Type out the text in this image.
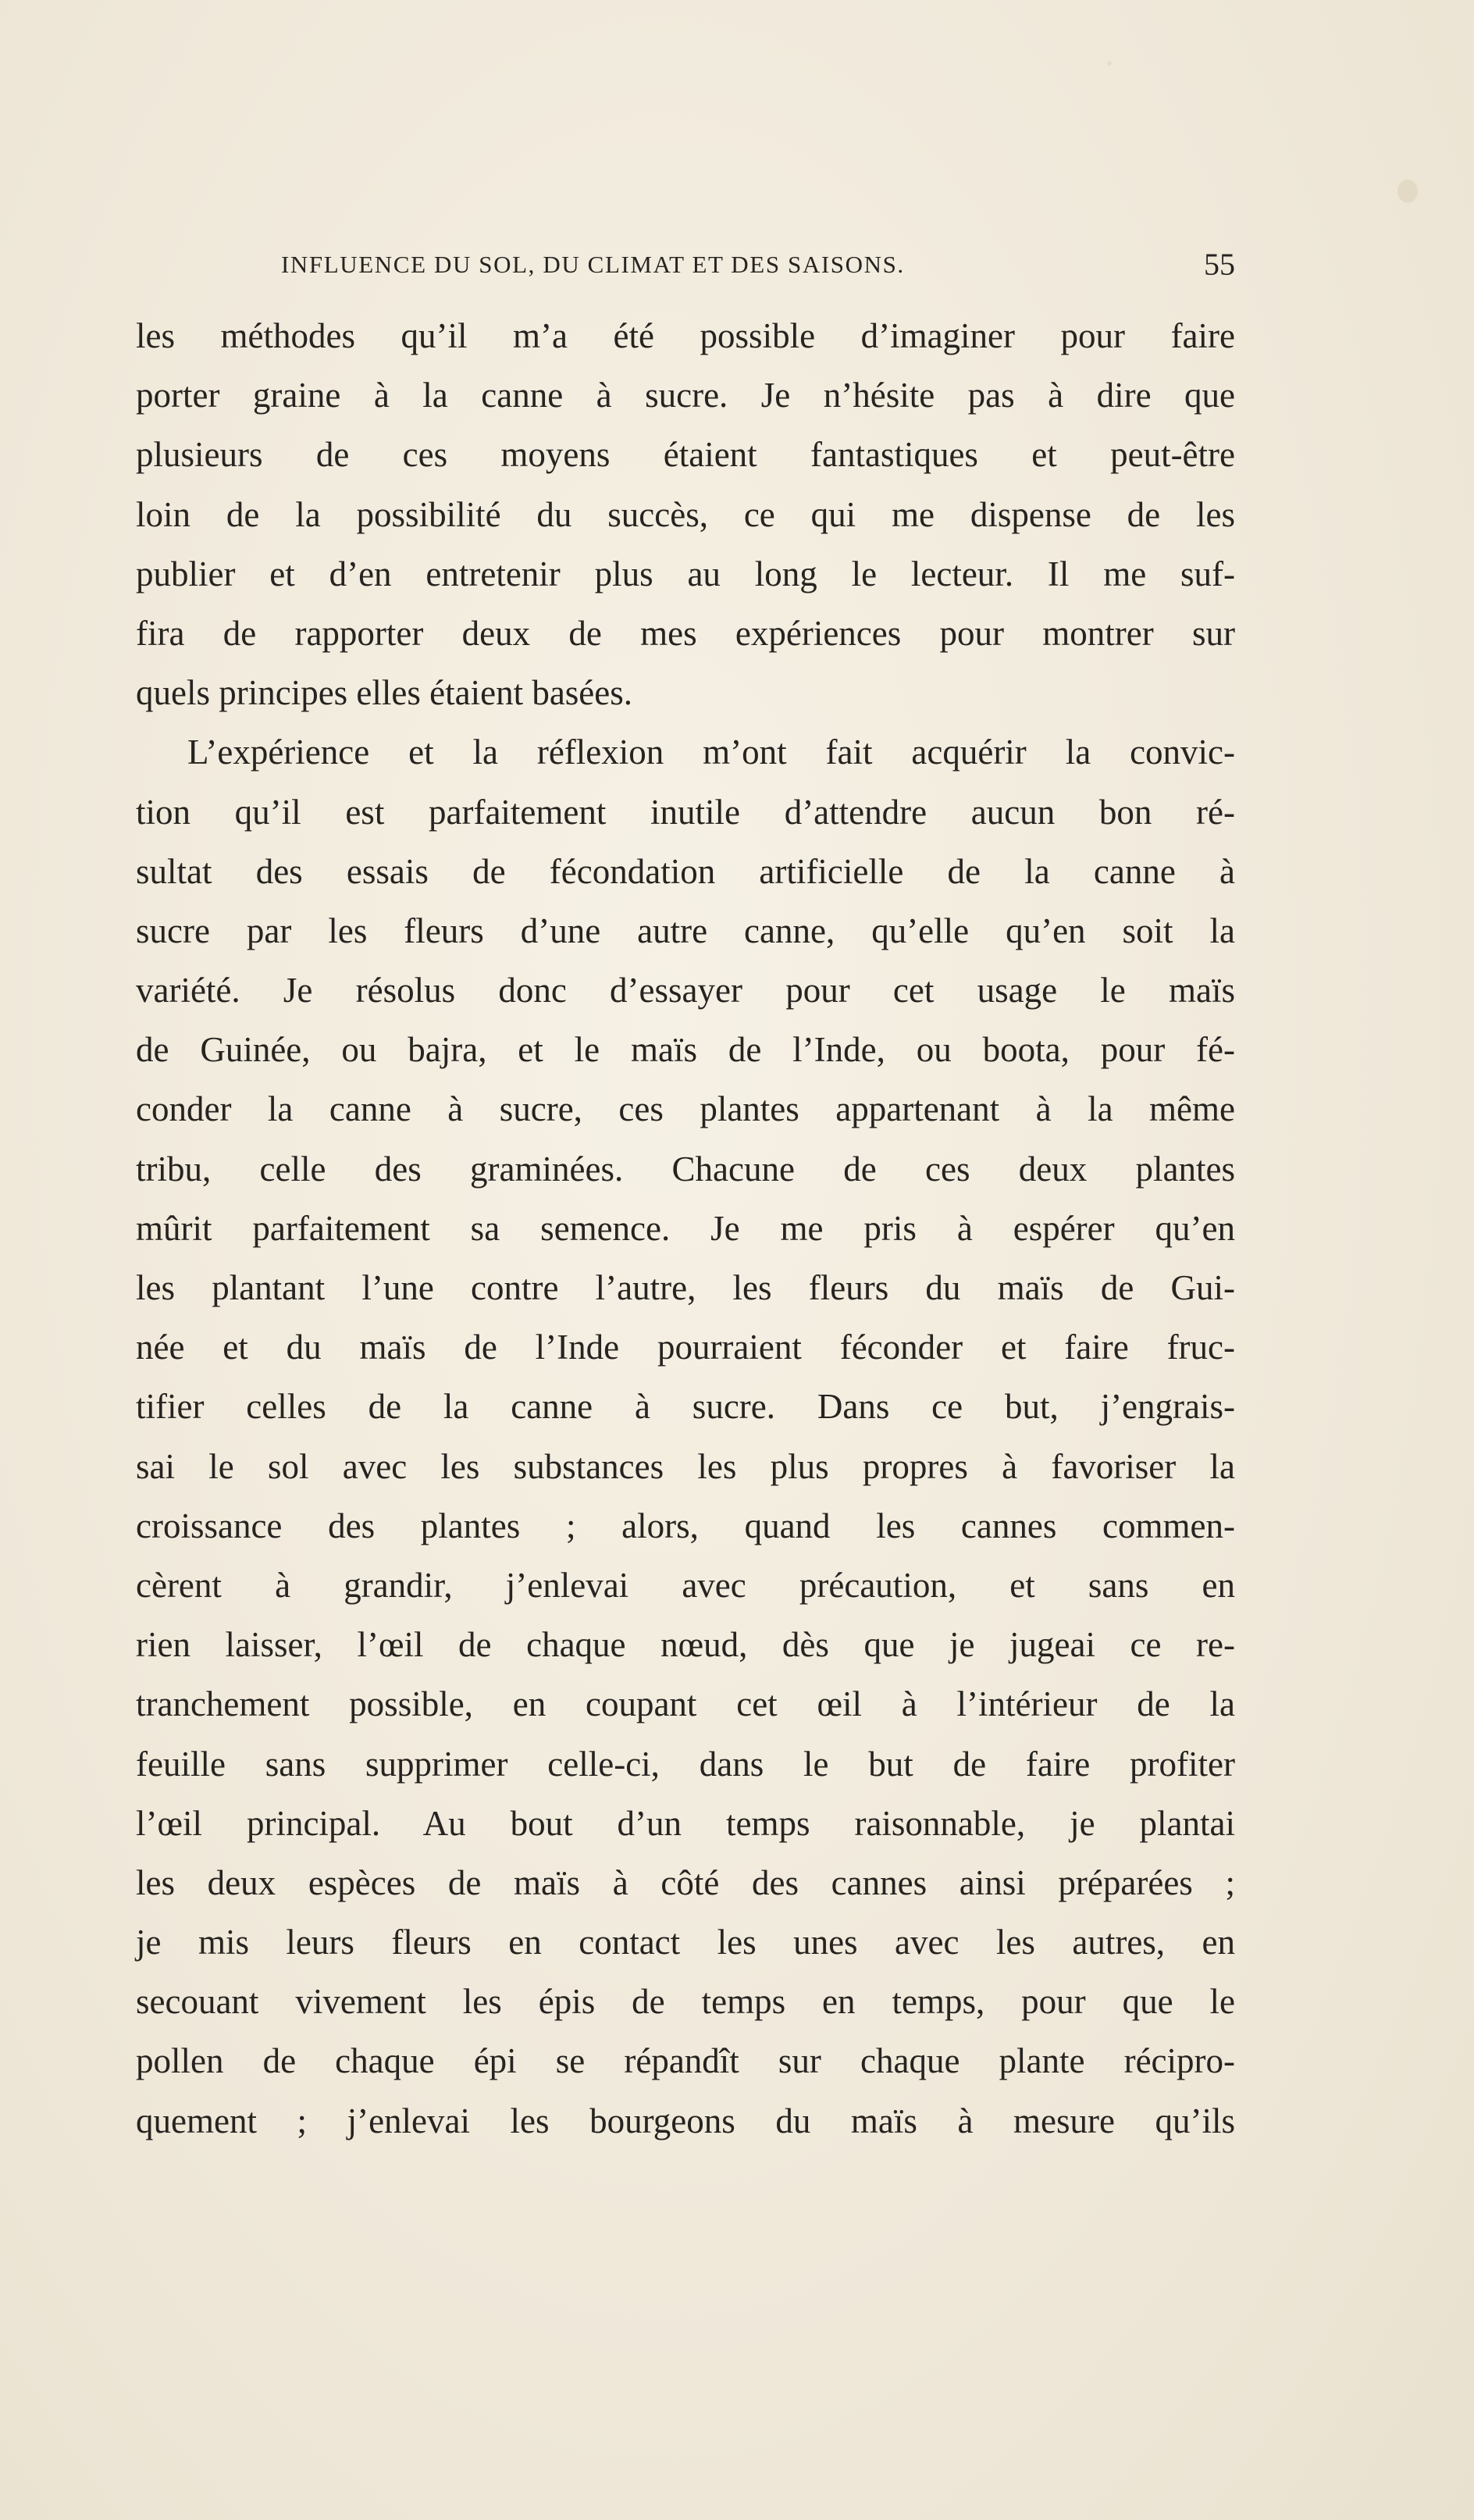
INFLUENCE DU SOL, DU CLIMAT ET DES SAISONS.	55
les méthodes qu’il m’a été possible d’imaginer pour faire
porter graine à la canne à sucre. Je n’hésite pas à dire que
plusieurs de ces moyens étaient fantastiques et peut-être
loin de la possibilité du succès, ce qui me dispense de les
publier et d’en entretenir plus au long le lecteur. Il me suf-
fira de rapporter deux de mes expériences pour montrer sur
quels principes elles étaient basées.
L’expérience et la réflexion m’ont fait acquérir la convic-
tion qu’il est parfaitement inutile d’attendre aucun bon ré-
sultat des essais de fécondation artificielle de la canne à
sucre par les fleurs d’une autre canne, qu’elle qu’en soit la
variété. Je résolus donc d’essayer pour cet usage le maïs
de Guinée, ou bajra, et le maïs de l’Inde, ou boota, pour fé-
conder la canne à sucre, ces plantes appartenant à la même
tribu, celle des graminées. Chacune de ces deux plantes
mûrit parfaitement sa semence. Je me pris à espérer qu’en
les plantant l’une contre l’autre, les fleurs du maïs de Gui-
née et du maïs de l’Inde pourraient féconder et faire fruc-
tifier celles de la canne à sucre. Dans ce but, j’engrais-
sai le sol avec les substances les plus propres à favoriser la
croissance des plantes ; alors, quand les cannes commen-
cèrent à grandir, j’enlevai avec précaution, et sans en
rien laisser, l’œil de chaque nœud, dès que je jugeai ce re-
tranchement possible, en coupant cet œil à l’intérieur de la
feuille sans supprimer celle-ci, dans le but de faire profiter
l’œil principal. Au bout d’un temps raisonnable, je plantai
les deux espèces de maïs à côté des cannes ainsi préparées ;
je mis leurs fleurs en contact les unes avec les autres, en
secouant vivement les épis de temps en temps, pour que le
pollen de chaque épi se répandît sur chaque plante récipro-
quement ; j’enlevai les bourgeons du maïs à mesure qu’ils
